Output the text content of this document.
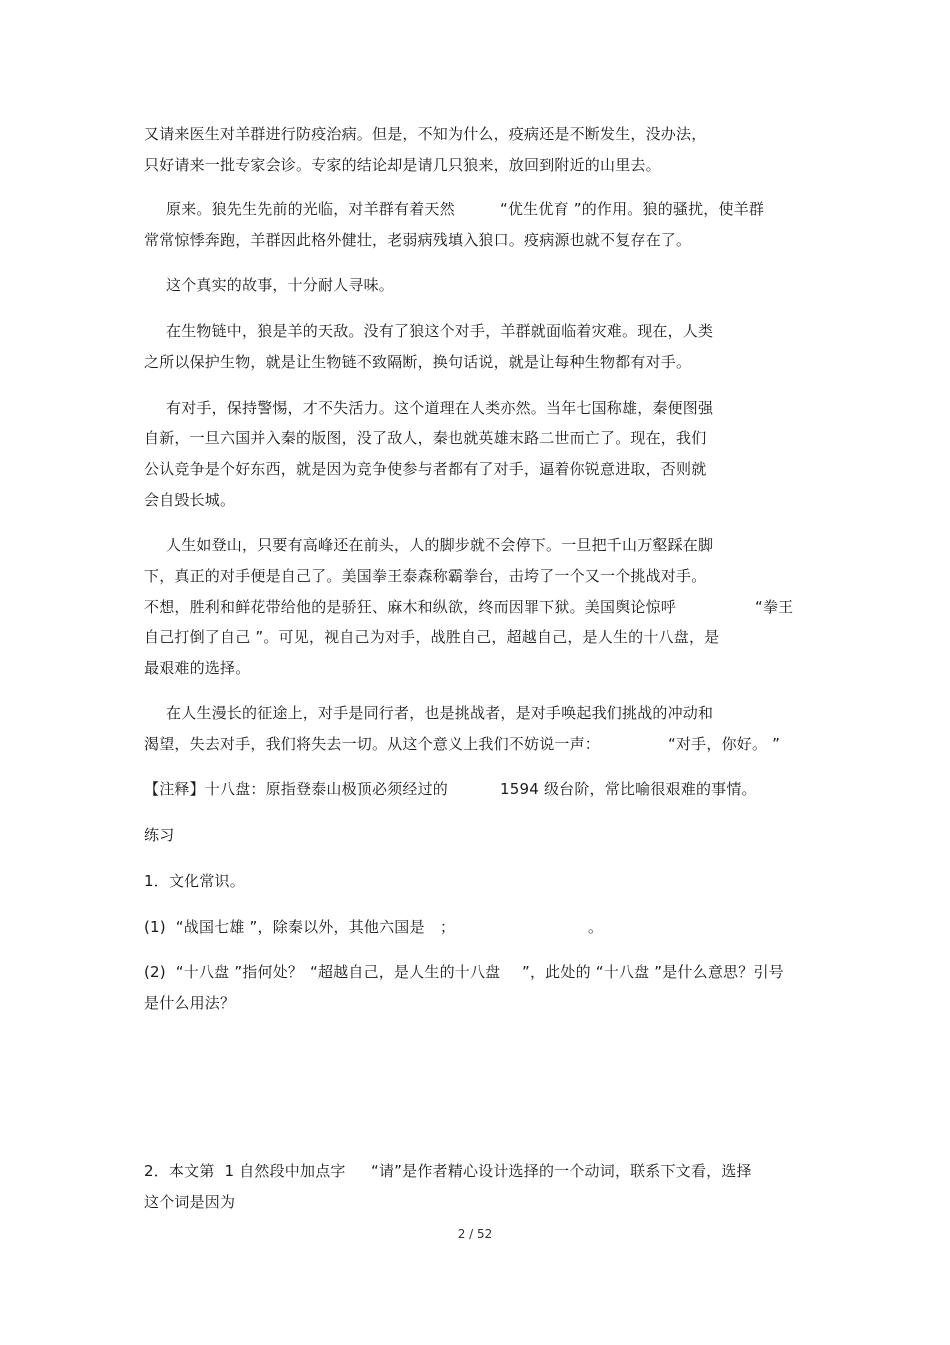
又请来医生对羊群进行防疫治病。但是，不知为什么，疫病还是不断发生，没办法，
只好请来一批专家会诊。专家的结论却是请几只狼来，放回到附近的山里去。
原来。狼先生先前的光临，对羊群有着天然	“优生优育 ”的作用。狼的骚扰，使羊群
常常惊悸奔跑，羊群因此格外健壮，老弱病残填入狼口。疫病源也就不复存在了。
这个真实的故事，十分耐人寻味。
在生物链中，狼是羊的天敌。没有了狼这个对手，羊群就面临着灾难。现在，人类
之所以保护生物，就是让生物链不致隔断，换句话说，就是让每种生物都有对手。
有对手，保持警惕，才不失活力。这个道理在人类亦然。当年七国称雄，秦便图强
自新，一旦六国并入秦的版图，没了敌人，秦也就英雄末路二世而亡了。现在，我们
公认竞争是个好东西，就是因为竞争使参与者都有了对手，逼着你锐意进取，否则就
会自毁长城。
人生如登山，只要有高峰还在前头，人的脚步就不会停下。一旦把千山万壑踩在脚
下，真正的对手便是自己了。美国拳王泰森称霸拳台，击垮了一个又一个挑战对手。
不想，胜利和鲜花带给他的是骄狂、麻木和纵欲，终而因罪下狱。美国舆论惊呼	“拳王
自己打倒了自己 ”。可见，视自己为对手，战胜自己，超越自己，是人生的十八盘，是
最艰难的选择。
在人生漫长的征途上，对手是同行者，也是挑战者，是对手唤起我们挑战的冲动和
渴望，失去对手，我们将失去一切。从这个意义上我们不妨说一声：	“对手，你好。 ”
【注释】十八盘：原指登泰山极顶必须经过的	1594 级台阶，常比喻很艰难的事情。
练习
1．文化常识。
(1)  “战国七雄 ”，除秦以外，其他六国是 ；	。
(2)  “十八盘 ”指何处？ “超越自己，是人生的十八盘 ”，此处的 “十八盘 ”是什么意思？引号
是什么用法？
2．本文第  1 自然段中加点字 “请”是作者精心设计选择的一个动词，联系下文看，选择
这个词是因为
2 / 52
